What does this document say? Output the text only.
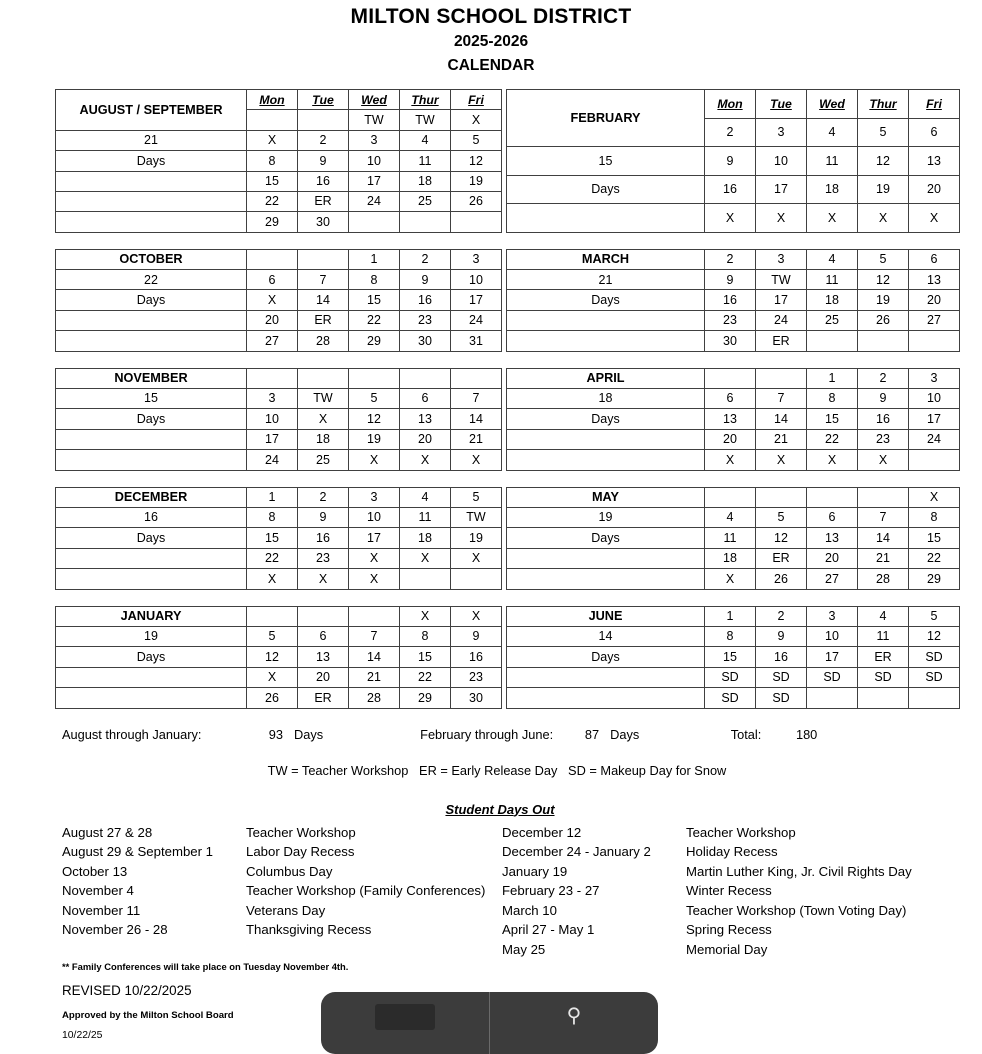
MILTON SCHOOL DISTRICT
2025-2026
CALENDAR
AUGUST / SEPTEMBER	Mon	Tue	Wed	Thur	Fri
			TW	TW	X
21	X	2	3	4	5
Days	8	9	10	11	12
	15	16	17	18	19
	22	ER	24	25	26
	29	30			
FEBRUARY	Mon	Tue	Wed	Thur	Fri
	2	3	4	5	6
15	9	10	11	12	13
Days	16	17	18	19	20
	X	X	X	X	X
OCTOBER			1	2	3
22	6	7	8	9	10
Days	X	14	15	16	17
	20	ER	22	23	24
	27	28	29	30	31
MARCH	2	3	4	5	6
21	9	TW	11	12	13
Days	16	17	18	19	20
	23	24	25	26	27
	30	ER			
NOVEMBER					
15	3	TW	5	6	7
Days	10	X	12	13	14
	17	18	19	20	21
	24	25	X	X	X
APRIL			1	2	3
18	6	7	8	9	10
Days	13	14	15	16	17
	20	21	22	23	24
	X	X	X	X	
DECEMBER	1	2	3	4	5
16	8	9	10	11	TW
Days	15	16	17	18	19
	22	23	X	X	X
	X	X	X		
MAY					X
19	4	5	6	7	8
Days	11	12	13	14	15
	18	ER	20	21	22
	X	26	27	28	29
JANUARY				X	X
19	5	6	7	8	9
Days	12	13	14	15	16
	X	20	21	22	23
	26	ER	28	29	30
JUNE	1	2	3	4	5
14	8	9	10	11	12
Days	15	16	17	ER	SD
	SD	SD	SD	SD	SD
	SD	SD			
August through January:	93 Days	February through June:	87 Days	Total:	180
TW = Teacher Workshop   ER = Early Release Day   SD = Makeup Day for Snow
Student Days Out
August 27 & 28	Teacher Workshop
August 29 & September 1	Labor Day Recess
October 13	Columbus Day
November 4	Teacher Workshop (Family Conferences)
November 11	Veterans Day
November 26 - 28	Thanksgiving Recess
December 12	Teacher Workshop
December 24 - January 2	Holiday Recess
January 19	Martin Luther King, Jr. Civil Rights Day
February 23 - 27	Winter Recess
March 10	Teacher Workshop (Town Voting Day)
April 27 - May 1	Spring Recess
May 25	Memorial Day
** Family Conferences will take place on Tuesday November 4th.
REVISED 10/22/2025
Approved by the Milton School Board
10/22/25
⚲
